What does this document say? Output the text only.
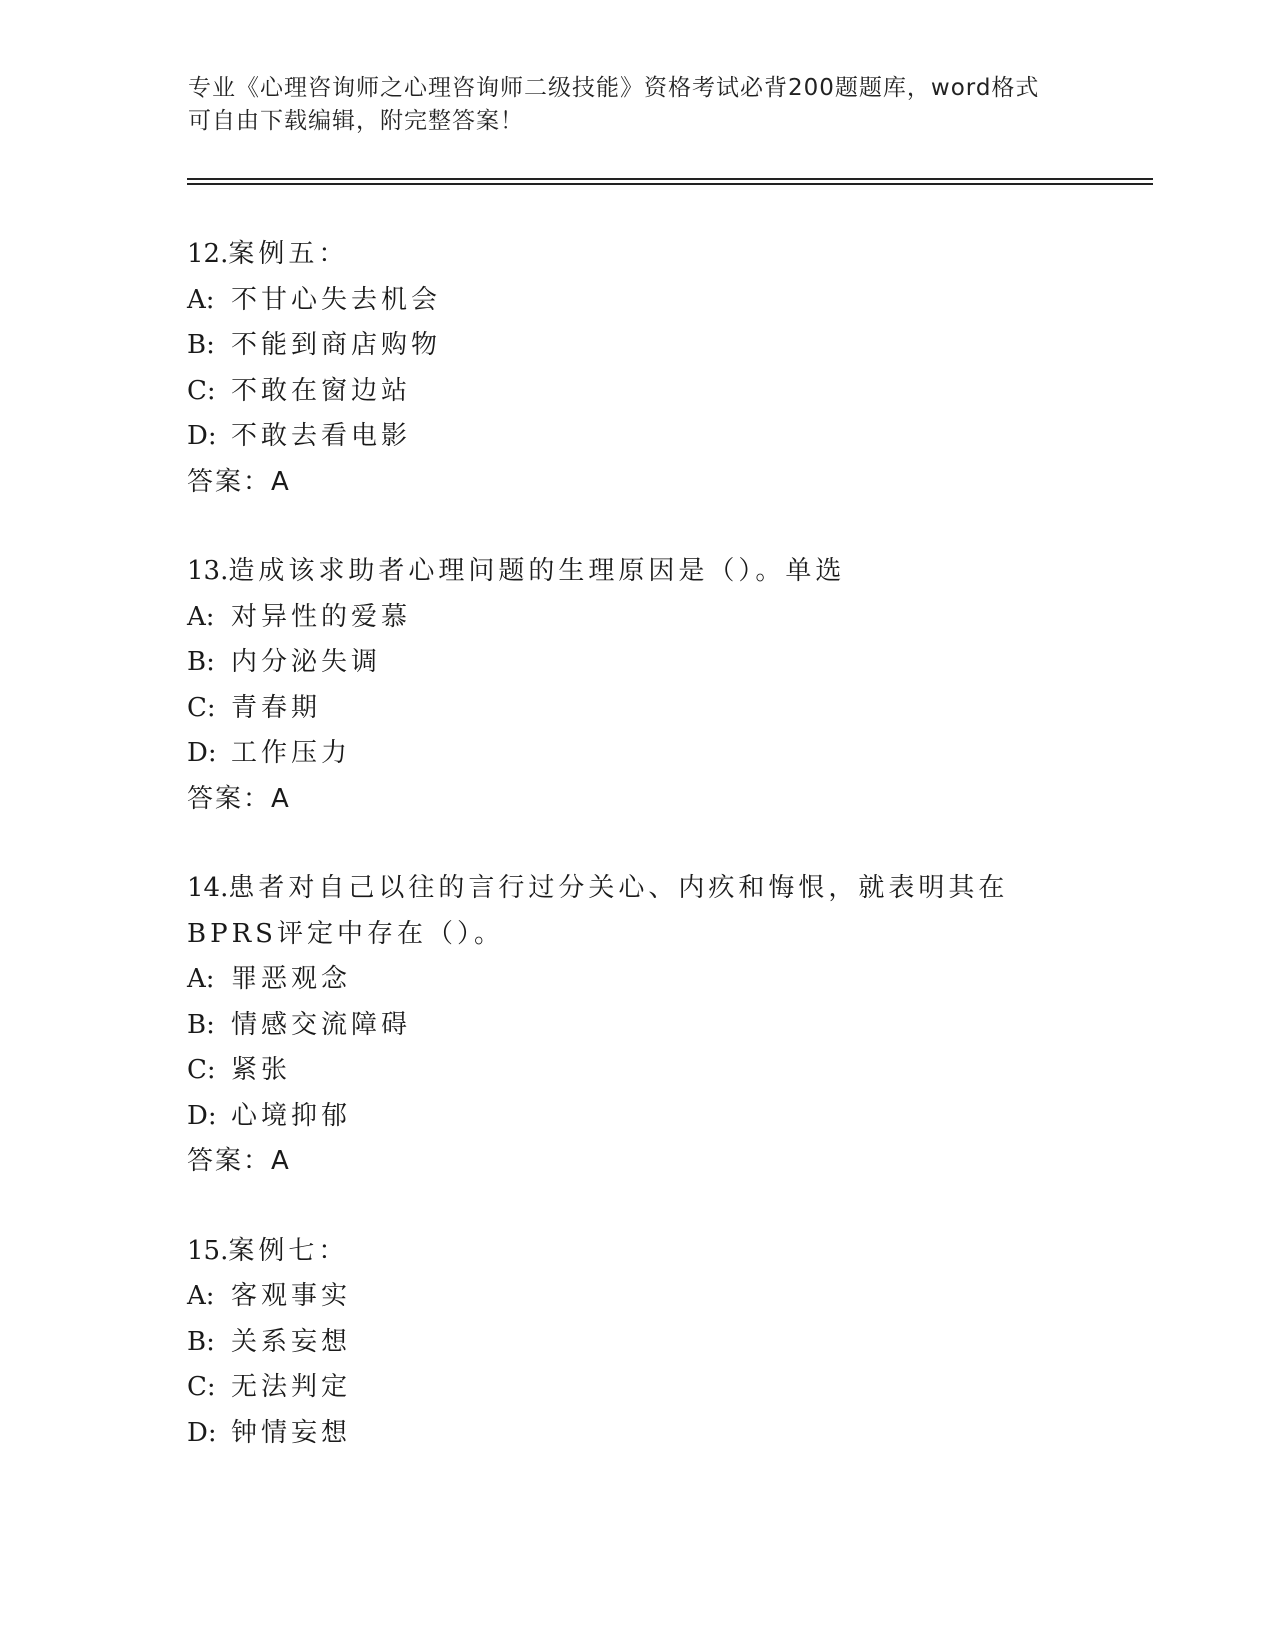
专业《心理咨询师之心理咨询师二级技能》资格考试必背200题题库，word格式
可自由下载编辑，附完整答案！
12.案例五：
A: 不甘心失去机会
B: 不能到商店购物
C: 不敢在窗边站
D: 不敢去看电影
答案：A
13.造成该求助者心理问题的生理原因是（）。单选
A: 对异性的爱慕
B: 内分泌失调
C: 青春期
D: 工作压力
答案：A
14.患者对自己以往的言行过分关心、内疚和悔恨，就表明其在BPRS评定中存在（）。
A: 罪恶观念
B: 情感交流障碍
C: 紧张
D: 心境抑郁
答案：A
15.案例七：
A: 客观事实
B: 关系妄想
C: 无法判定
D: 钟情妄想
